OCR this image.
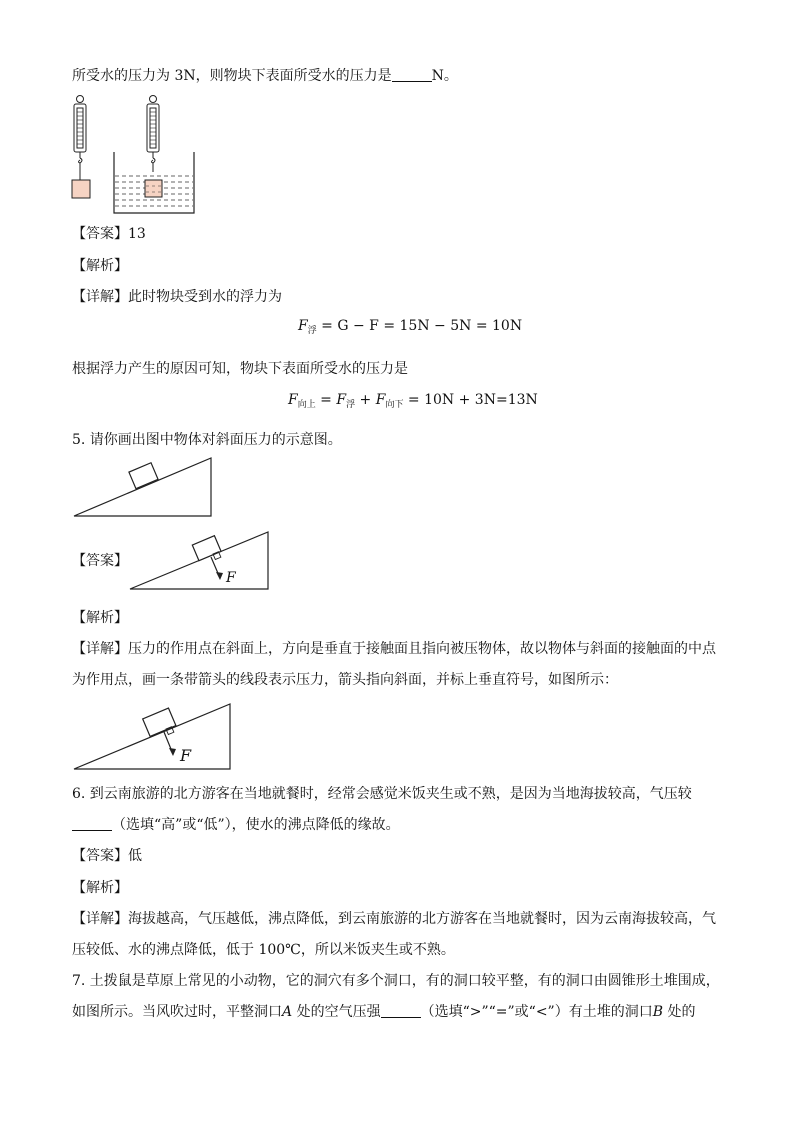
所受水的压力为 3N，则物块下表面所受水的压力是	N。
【答案】13
【解析】
【详解】此时物块受到水的浮力为
$F_浮 = G - F = 15N - 5N = 10N$
根据浮力产生的原因可知，物块下表面所受水的压力是
$F_{向上} = F_浮 + F_{向下} = 10N + 3N=13N$
5. 请你画出图中物体对斜面压力的示意图。
【答案】
F
【解析】
【详解】压力的作用点在斜面上，方向是垂直于接触面且指向被压物体，故以物体与斜面的接触面的中点
为作用点，画一条带箭头的线段表示压力，箭头指向斜面，并标上垂直符号，如图所示：
F
6. 到云南旅游的北方游客在当地就餐时，经常会感觉米饭夹生或不熟，是因为当地海拔较高，气压较
（选填“高”或“低”），使水的沸点降低的缘故。
【答案】低
【解析】
【详解】海拔越高，气压越低，沸点降低，到云南旅游的北方游客在当地就餐时，因为云南海拔较高，气
压较低、水的沸点降低，低于 100℃，所以米饭夹生或不熟。
7. 土拨鼠是草原上常见的小动物，它的洞穴有多个洞口，有的洞口较平整，有的洞口由圆锥形土堆围成，
如图所示。当风吹过时，平整洞口A 处的空气压强	（选填“>”“=”或“<”）有土堆的洞口B 处的
